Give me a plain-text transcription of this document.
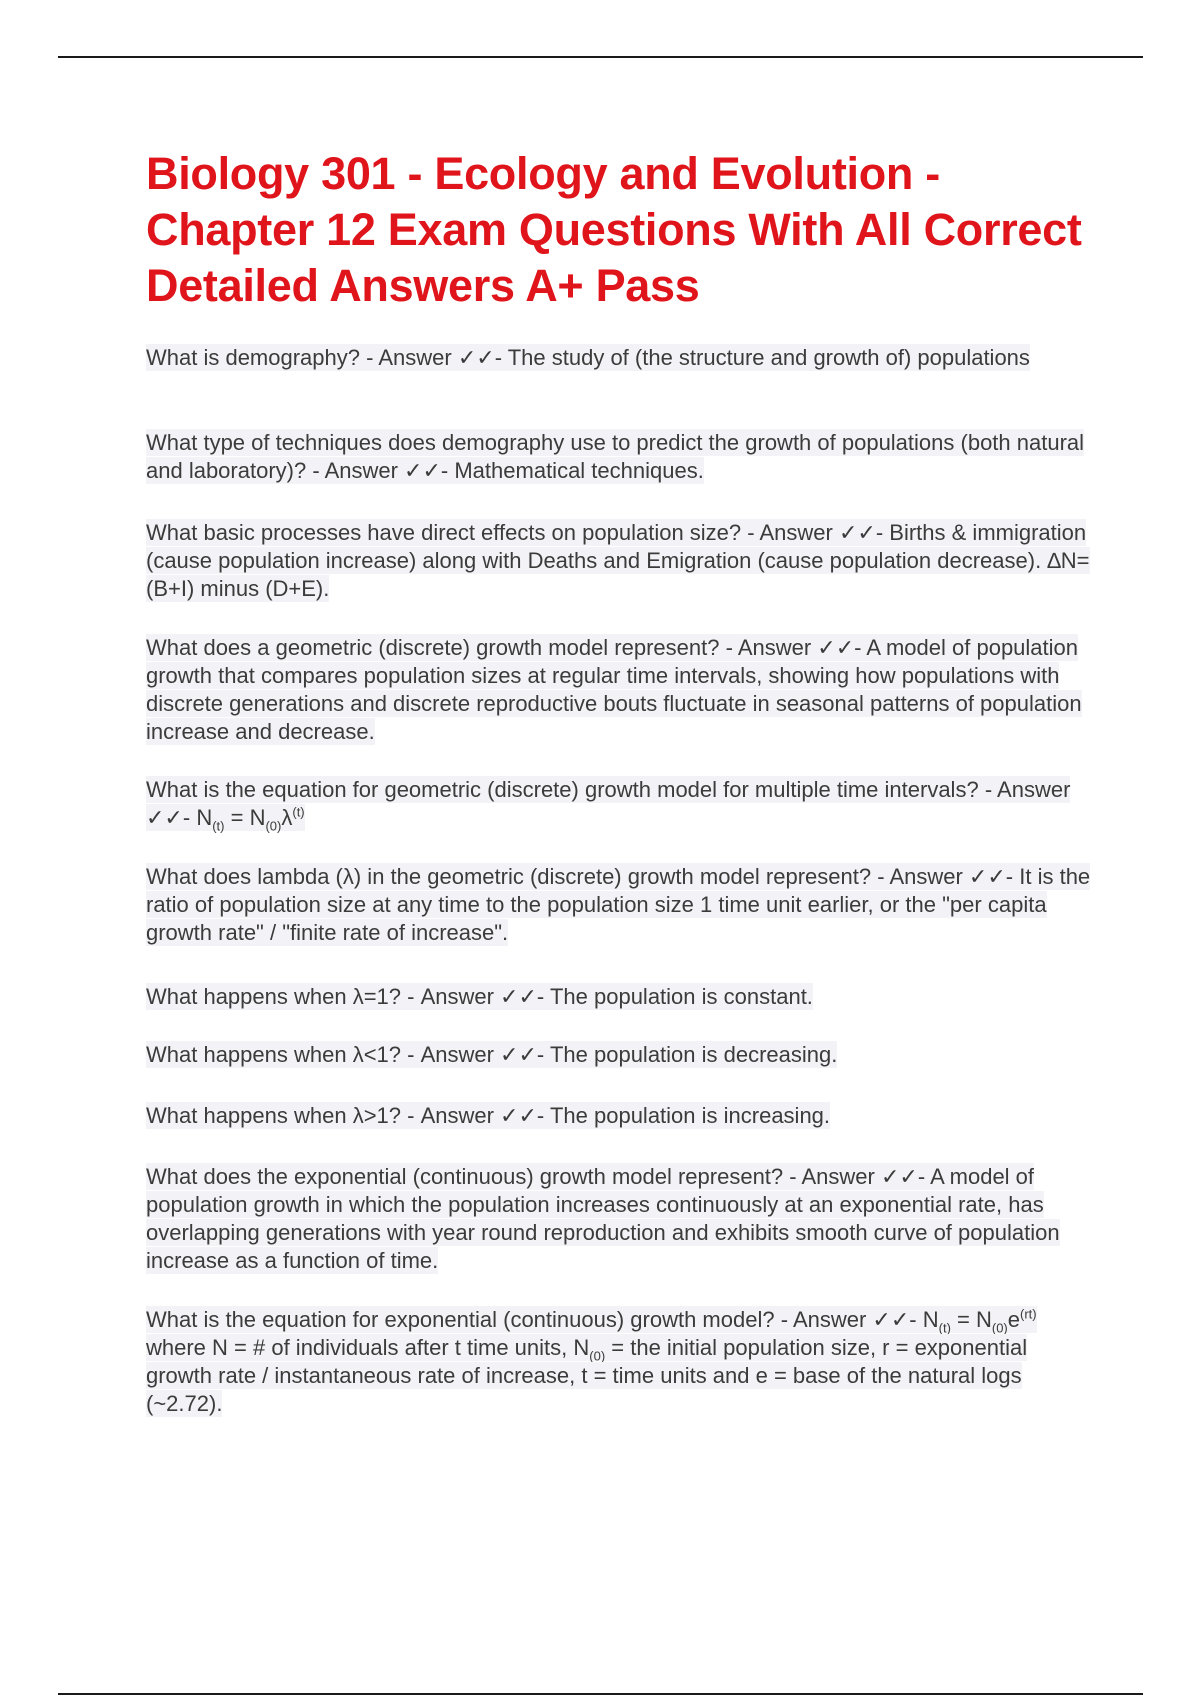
Biology 301 - Ecology and Evolution - Chapter 12 Exam Questions With All Correct Detailed Answers A+ Pass

What is demography? - Answer ✓✓- The study of (the structure and growth of) populations

What type of techniques does demography use to predict the growth of populations (both natural and laboratory)? - Answer ✓✓- Mathematical techniques.

What basic processes have direct effects on population size? - Answer ✓✓- Births & immigration (cause population increase) along with Deaths and Emigration (cause population decrease). ∆N=(B+I) minus (D+E).

What does a geometric (discrete) growth model represent? - Answer ✓✓- A model of population growth that compares population sizes at regular time intervals, showing how populations with discrete generations and discrete reproductive bouts fluctuate in seasonal patterns of population increase and decrease.

What is the equation for geometric (discrete) growth model for multiple time intervals? - Answer ✓✓- $N_{(t)} = N_{(0)}\lambda^{(t)}$

What does lambda (λ) in the geometric (discrete) growth model represent? - Answer ✓✓- It is the ratio of population size at any time to the population size 1 time unit earlier, or the "per capita growth rate" / "finite rate of increase".

What happens when λ=1? - Answer ✓✓- The population is constant.

What happens when λ<1? - Answer ✓✓- The population is decreasing.

What happens when λ>1? - Answer ✓✓- The population is increasing.

What does the exponential (continuous) growth model represent? - Answer ✓✓- A model of population growth in which the population increases continuously at an exponential rate, has overlapping generations with year round reproduction and exhibits smooth curve of population increase as a function of time.

What is the equation for exponential (continuous) growth model? - Answer ✓✓- $N_{(t)} = N_{(0)}e^{(rt)}$ where N = # of individuals after t time units, $N_{(0)}$ = the initial population size, r = exponential growth rate / instantaneous rate of increase, t = time units and e = base of the natural logs (~2.72).
